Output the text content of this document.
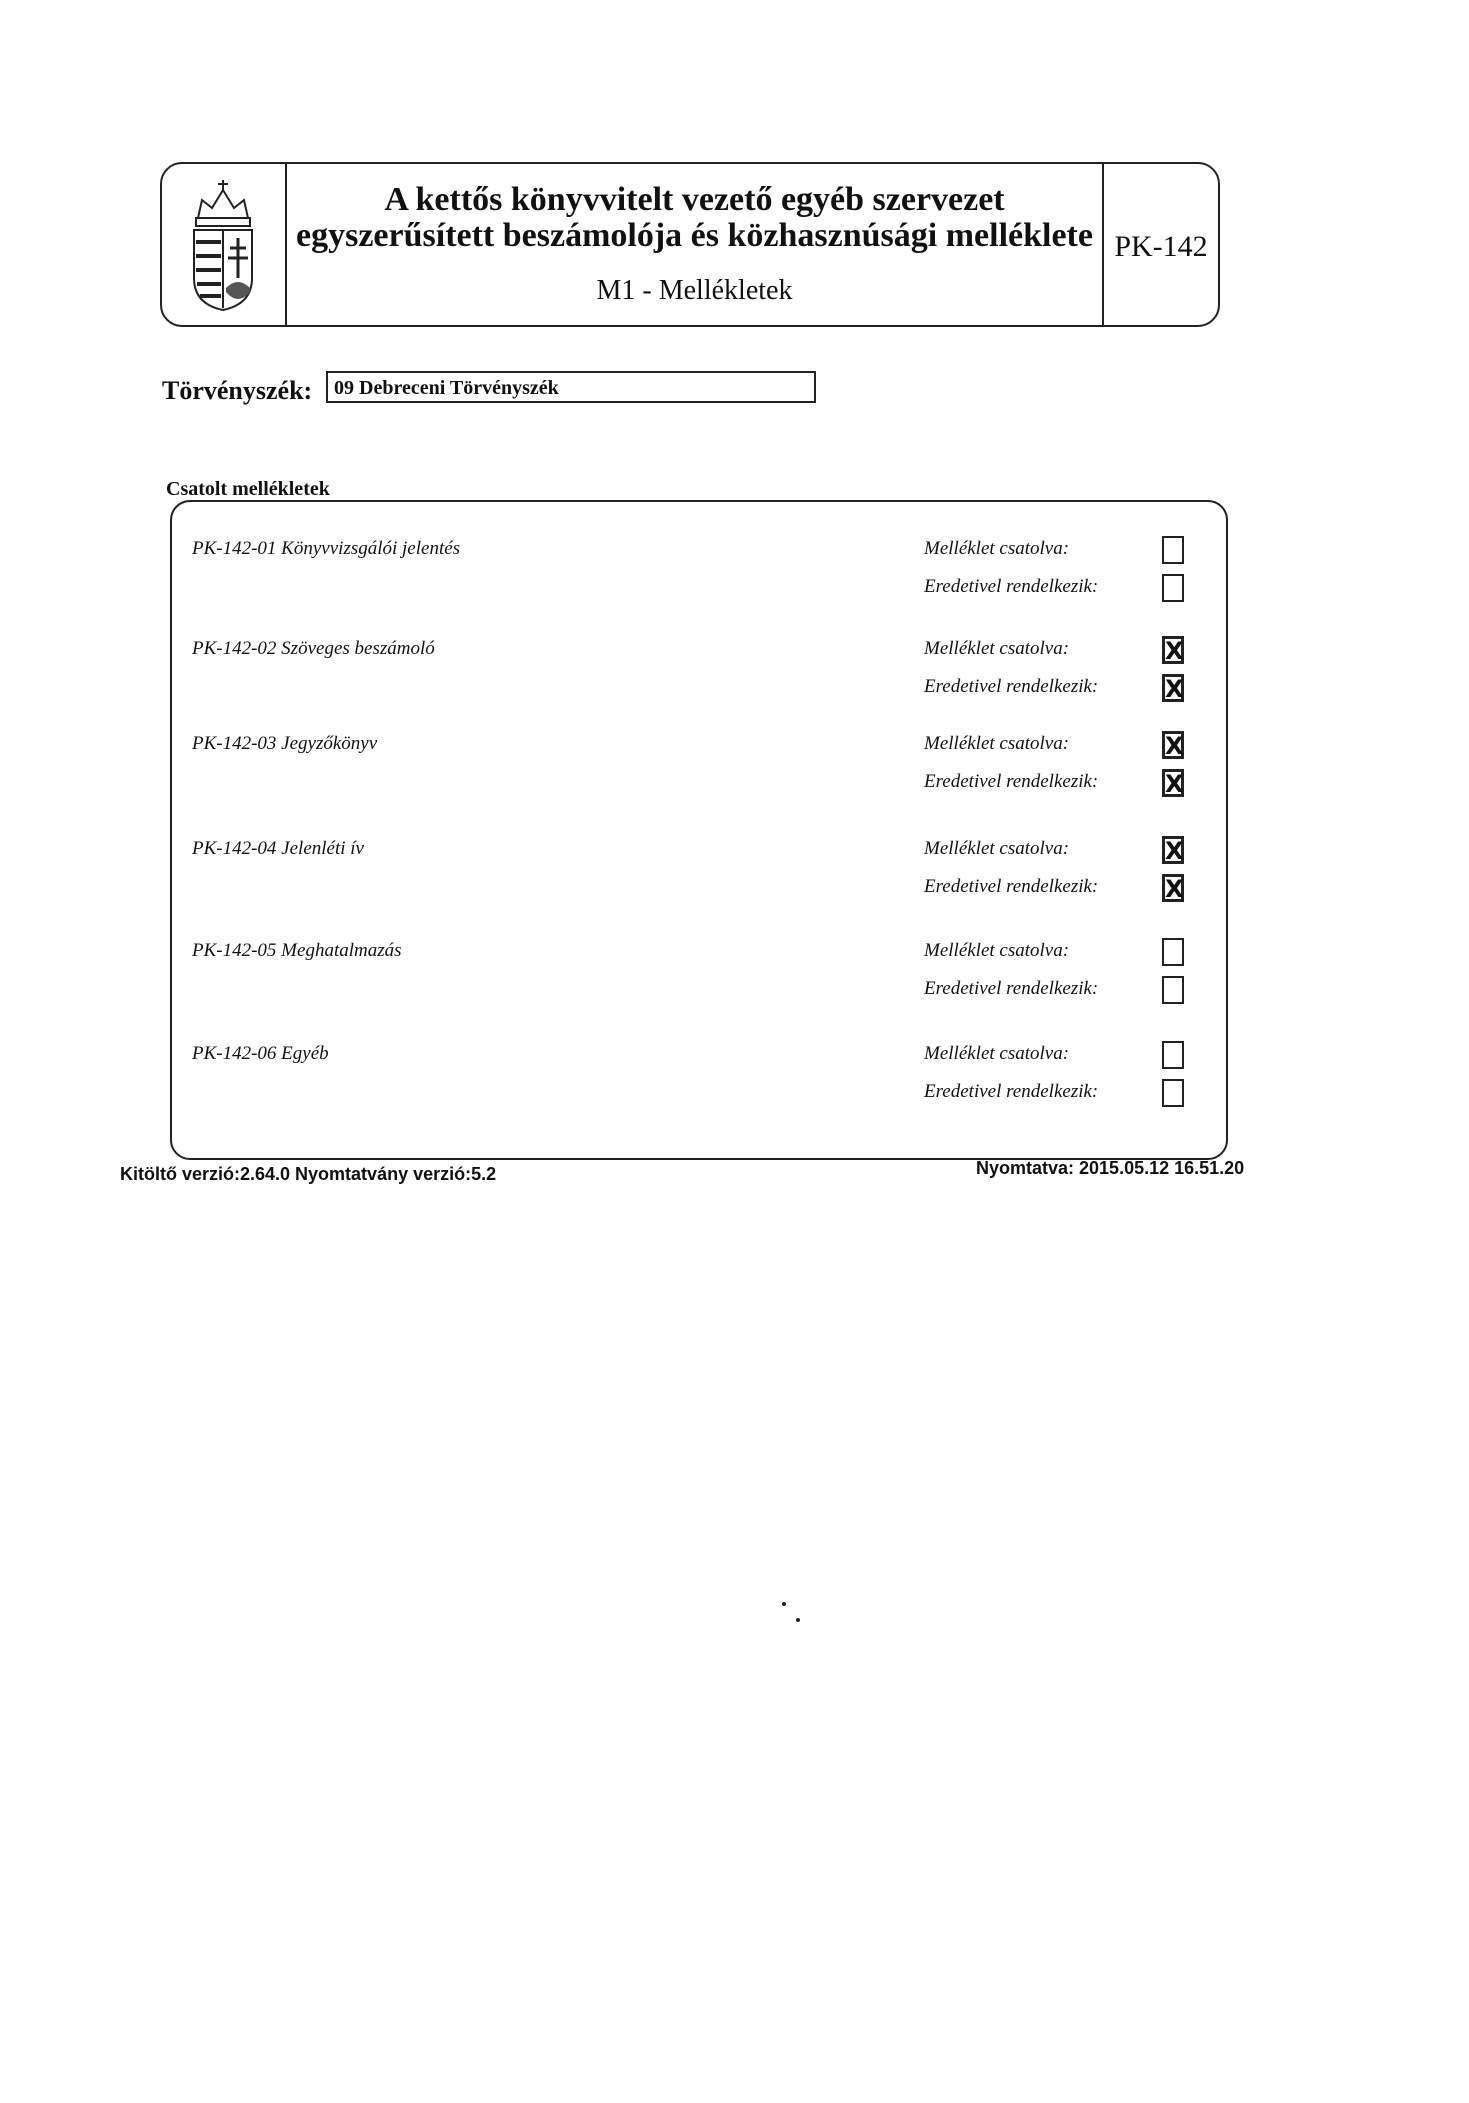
A kettős könyvvitelt vezető egyéb szervezet
egyszerűsített beszámolója és közhasznúsági melléklete
M1 - Mellékletek
PK-142
Törvényszék:	09 Debreceni Törvényszék
Csatolt mellékletek
PK-142-01 Könyvvizsgálói jelentés	Melléklet csatolva:
Eredetivel rendelkezik:
PK-142-02 Szöveges beszámoló	Melléklet csatolva:	X
Eredetivel rendelkezik:	X
PK-142-03 Jegyzőkönyv	Melléklet csatolva:	X
Eredetivel rendelkezik:	X
PK-142-04 Jelenléti ív	Melléklet csatolva:	X
Eredetivel rendelkezik:	X
PK-142-05 Meghatalmazás	Melléklet csatolva:
Eredetivel rendelkezik:
PK-142-06 Egyéb	Melléklet csatolva:
Eredetivel rendelkezik:
Kitöltő verzió:2.64.0 Nyomtatvány verzió:5.2	Nyomtatva: 2015.05.12 16.51.20
